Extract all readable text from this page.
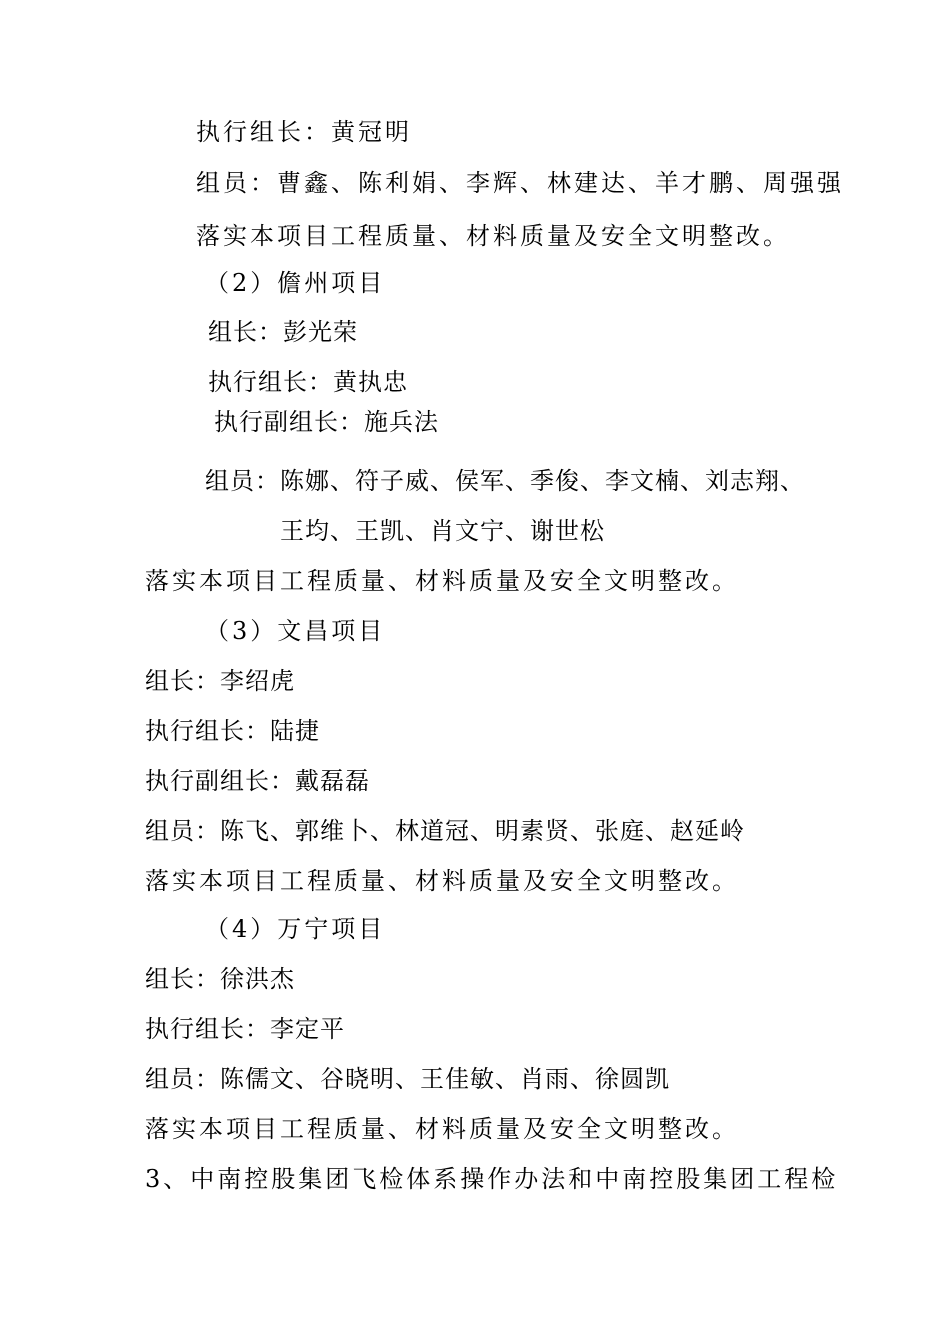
执行组长：黄冠明
组员：曹鑫、陈利娟、李辉、林建达、羊才鹏、周强强
落实本项目工程质量、材料质量及安全文明整改。
（2）儋州项目
组长：彭光荣
执行组长：黄执忠
执行副组长：施兵法
组员：陈娜、符子威、侯军、季俊、李文楠、刘志翔、
王均、王凯、肖文宁、谢世松
落实本项目工程质量、材料质量及安全文明整改。
（3）文昌项目
组长：李绍虎
执行组长：陆捷
执行副组长：戴磊磊
组员：陈飞、郭维卜、林道冠、明素贤、张庭、赵延岭
落实本项目工程质量、材料质量及安全文明整改。
（4）万宁项目
组长：徐洪杰
执行组长：李定平
组员：陈儒文、谷晓明、王佳敏、肖雨、徐圆凯
落实本项目工程质量、材料质量及安全文明整改。
3、中南控股集团飞检体系操作办法和中南控股集团工程检
